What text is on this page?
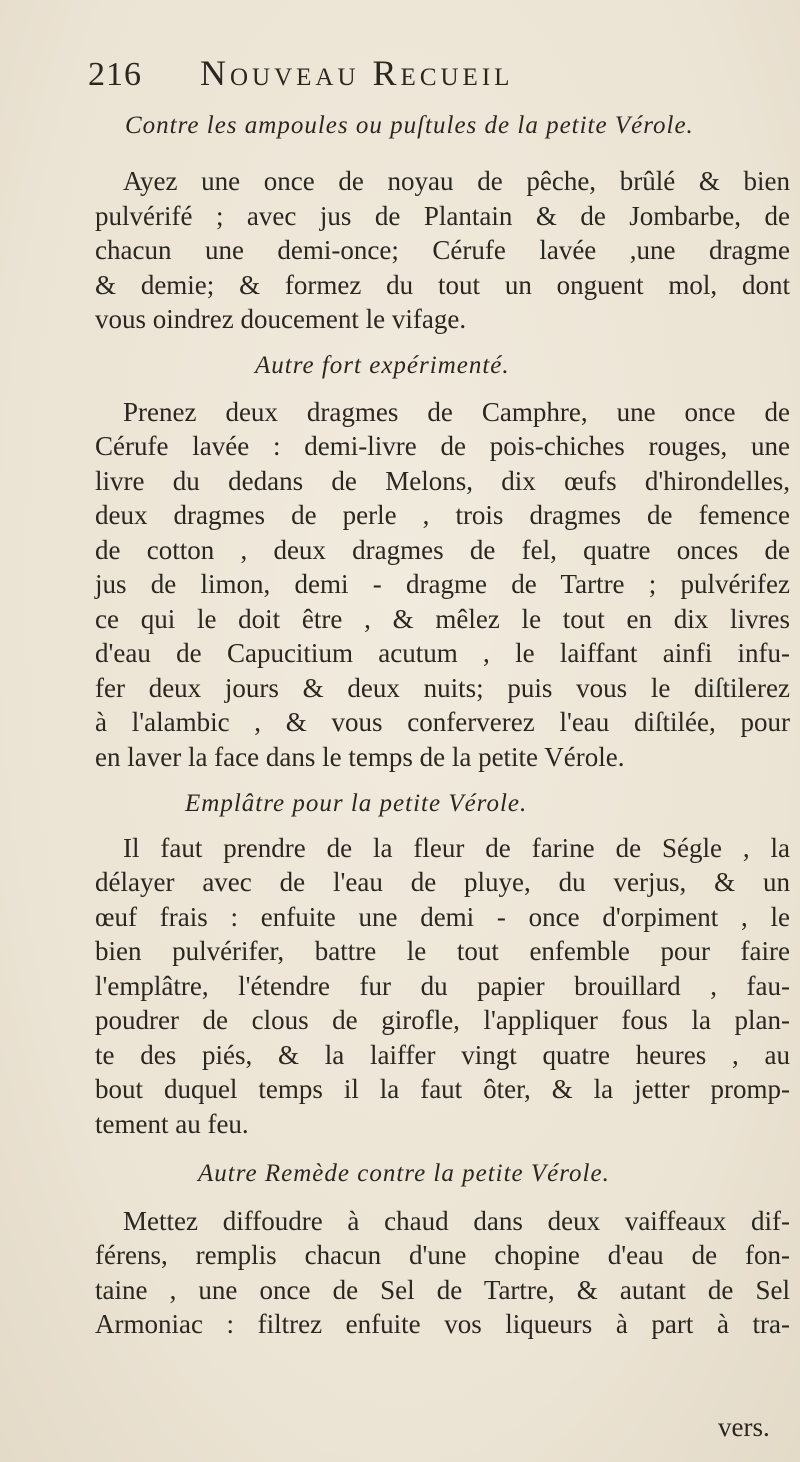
216 Nouveau Recueil
Contre les ampoules ou puſtules de la petite Vérole.
Ayez une once de noyau de pêche, brûlé & bien
pulvérifé ; avec jus de Plantain & de Jombarbe, de
chacun une demi-once; Cérufe lavée ,une dragme
& demie; & formez du tout un onguent mol, dont
vous oindrez doucement le vifage.
Autre fort expérimenté.
Prenez deux dragmes de Camphre, une once de
Cérufe lavée : demi-livre de pois-chiches rouges, une
livre du dedans de Melons, dix œufs d'hirondelles,
deux dragmes de perle , trois dragmes de femence
de cotton , deux dragmes de fel, quatre onces de
jus de limon, demi - dragme de Tartre ; pulvérifez
ce qui le doit être , & mêlez le tout en dix livres
d'eau de Capucitium acutum , le laiffant ainfi infu-
fer deux jours & deux nuits; puis vous le diſtilerez
à l'alambic , & vous conferverez l'eau diſtilée, pour
en laver la face dans le temps de la petite Vérole.
Emplâtre pour la petite Vérole.
Il faut prendre de la fleur de farine de Ségle , la
délayer avec de l'eau de pluye, du verjus, & un
œuf frais : enfuite une demi - once d'orpiment , le
bien pulvérifer, battre le tout enfemble pour faire
l'emplâtre, l'étendre fur du papier brouillard , fau-
poudrer de clous de girofle, l'appliquer fous la plan-
te des piés, & la laiffer vingt quatre heures , au
bout duquel temps il la faut ôter, & la jetter promp-
tement au feu.
Autre Remède contre la petite Vérole.
Mettez diffoudre à chaud dans deux vaiffeaux dif-
férens, remplis chacun d'une chopine d'eau de fon-
taine , une once de Sel de Tartre, & autant de Sel
Armoniac : filtrez enfuite vos liqueurs à part à tra-
vers.
